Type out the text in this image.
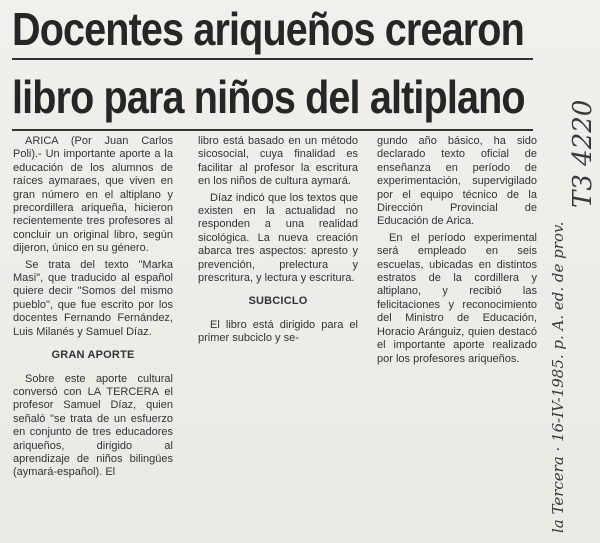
Docentes ariqueños crearon
libro para niños del altiplano

ARICA (Por Juan Carlos Poli).- Un importante aporte a la educación de los alumnos de raíces aymaraes, que viven en gran número en el altiplano y precordillera ariqueña, hicieron recientemente tres profesores al concluir un original libro, según dijeron, único en su género.

Se trata del texto "Marka Masi", que traducido al español quiere decir "Somos del mismo pueblo", que fue escrito por los docentes Fernando Fernández, Luis Milanés y Samuel Díaz.

GRAN APORTE

Sobre este aporte cultural conversó con LA TERCERA el profesor Samuel Díaz, quien señaló "se trata de un esfuerzo en conjunto de tres educadores ariqueños, dirigido al aprendizaje de niños bilingües (aymará-español). El

libro está basado en un método sicosocial, cuya finalidad es facilitar al profesor la escritura en los niños de cultura aymará.

Díaz indicó que los textos que existen en la actualidad no responden a una realidad sicológica. La nueva creación abarca tres aspectos: apresto y prevención, prelectura y prescritura, y lectura y escritura.

SUBCICLO

El libro está dirigido para el primer subciclo y se-

gundo año básico, ha sido declarado texto oficial de enseñanza en período de experimentación, supervigilado por el equipo técnico de la Dirección Provincial de Educación de Arica.

En el período experimental será empleado en seis escuelas, ubicadas en distintos estratos de la cordillera y altiplano, y recibió las felicitaciones y reconocimiento del Ministro de Educación, Horacio Aránguiz, quien destacó el importante aporte realizado por los profesores ariqueños.	la Tercera · 16-IV-1985. p. A. ed. de prov.
T3 4220
